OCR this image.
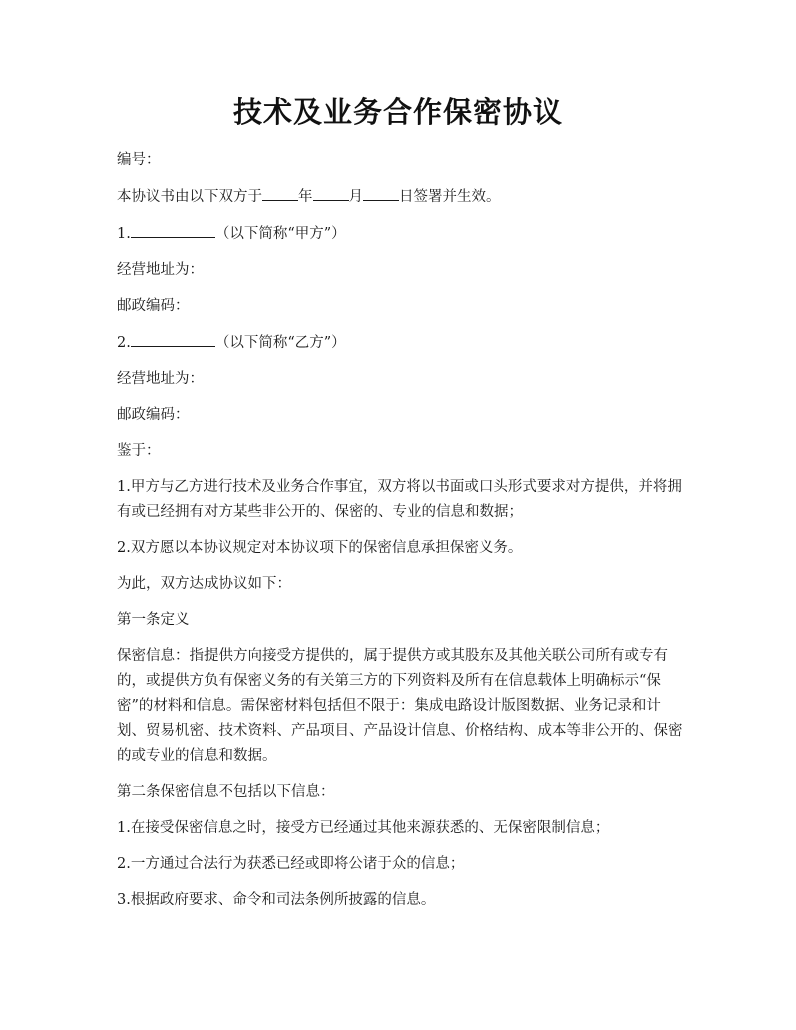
技术及业务合作保密协议

编号：

本协议书由以下双方于 年 月 日签署并生效。

1.	（以下简称“甲方”）

经营地址为：

邮政编码：

2.	（以下简称“乙方”）

经营地址为：

邮政编码：

鉴于：

1.甲方与乙方进行技术及业务合作事宜，双方将以书面或口头形式要求对方提供，并将拥有或已经拥有对方某些非公开的、保密的、专业的信息和数据；

2.双方愿以本协议规定对本协议项下的保密信息承担保密义务。

为此，双方达成协议如下：

第一条定义

保密信息：指提供方向接受方提供的，属于提供方或其股东及其他关联公司所有或专有的，或提供方负有保密义务的有关第三方的下列资料及所有在信息载体上明确标示“保密”的材料和信息。需保密材料包括但不限于：集成电路设计版图数据、业务记录和计划、贸易机密、技术资料、产品项目、产品设计信息、价格结构、成本等非公开的、保密的或专业的信息和数据。

第二条保密信息不包括以下信息：

1.在接受保密信息之时，接受方已经通过其他来源获悉的、无保密限制信息；

2.一方通过合法行为获悉已经或即将公诸于众的信息；

3.根据政府要求、命令和司法条例所披露的信息。
